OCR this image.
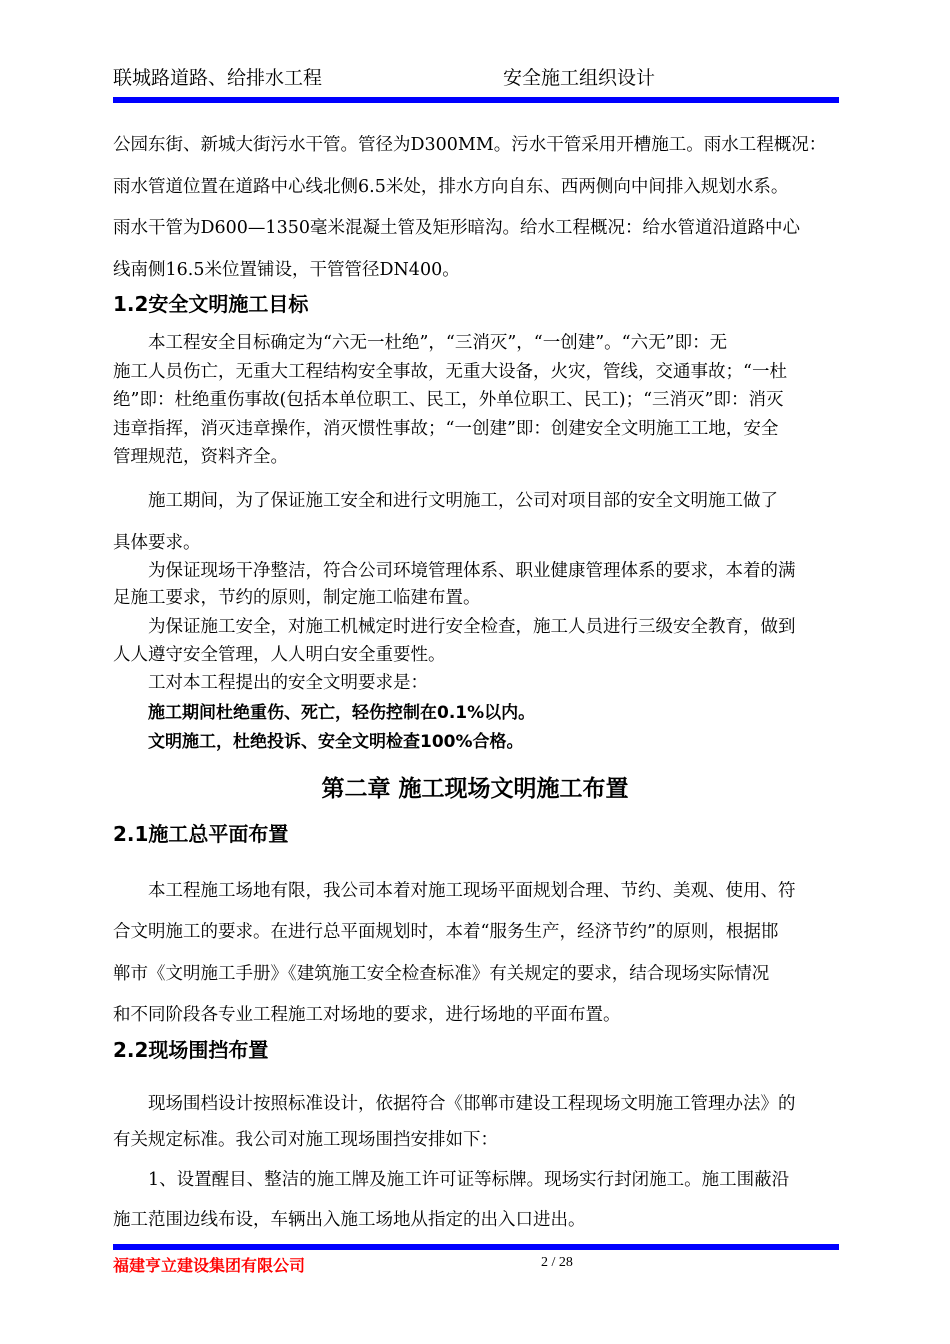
联城路道路、给排水工程	安全施工组织设计
公园东街、新城大街污水干管。管径为D300MM。污水干管采用开槽施工。雨水工程概况：
雨水管道位置在道路中心线北侧6.5米处，排水方向自东、西两侧向中间排入规划水系。
雨水干管为D600—1350毫米混凝土管及矩形暗沟。给水工程概况：给水管道沿道路中心
线南侧16.5米位置铺设，干管管径DN400。
1.2安全文明施工目标
本工程安全目标确定为“六无一杜绝”，“三消灭”，“一创建”。“六无”即：无
施工人员伤亡，无重大工程结构安全事故，无重大设备，火灾，管线，交通事故；“一杜
绝”即：杜绝重伤事故(包括本单位职工、民工，外单位职工、民工)；“三消灭”即：消灭
违章指挥，消灭违章操作，消灭惯性事故；“一创建”即：创建安全文明施工工地，安全
管理规范，资料齐全。
施工期间，为了保证施工安全和进行文明施工，公司对项目部的安全文明施工做了
具体要求。
为保证现场干净整洁，符合公司环境管理体系、职业健康管理体系的要求，本着的满
足施工要求，节约的原则，制定施工临建布置。
为保证施工安全，对施工机械定时进行安全检查，施工人员进行三级安全教育，做到
人人遵守安全管理，人人明白安全重要性。
工对本工程提出的安全文明要求是：
施工期间杜绝重伤、死亡，轻伤控制在0.1%以内。
文明施工，杜绝投诉、安全文明检查100%合格。
第二章 施工现场文明施工布置
2.1施工总平面布置
本工程施工场地有限，我公司本着对施工现场平面规划合理、节约、美观、使用、符
合文明施工的要求。在进行总平面规划时，本着“服务生产，经济节约”的原则，根据邯
郸市《文明施工手册》《建筑施工安全检查标准》有关规定的要求，结合现场实际情况
和不同阶段各专业工程施工对场地的要求，进行场地的平面布置。
2.2现场围挡布置
现场围档设计按照标准设计，依据符合《邯郸市建设工程现场文明施工管理办法》的
有关规定标准。我公司对施工现场围挡安排如下：
1、设置醒目、整洁的施工牌及施工许可证等标牌。现场实行封闭施工。施工围蔽沿
施工范围边线布设，车辆出入施工场地从指定的出入口进出。
福建亨立建设集团有限公司	2 / 28
